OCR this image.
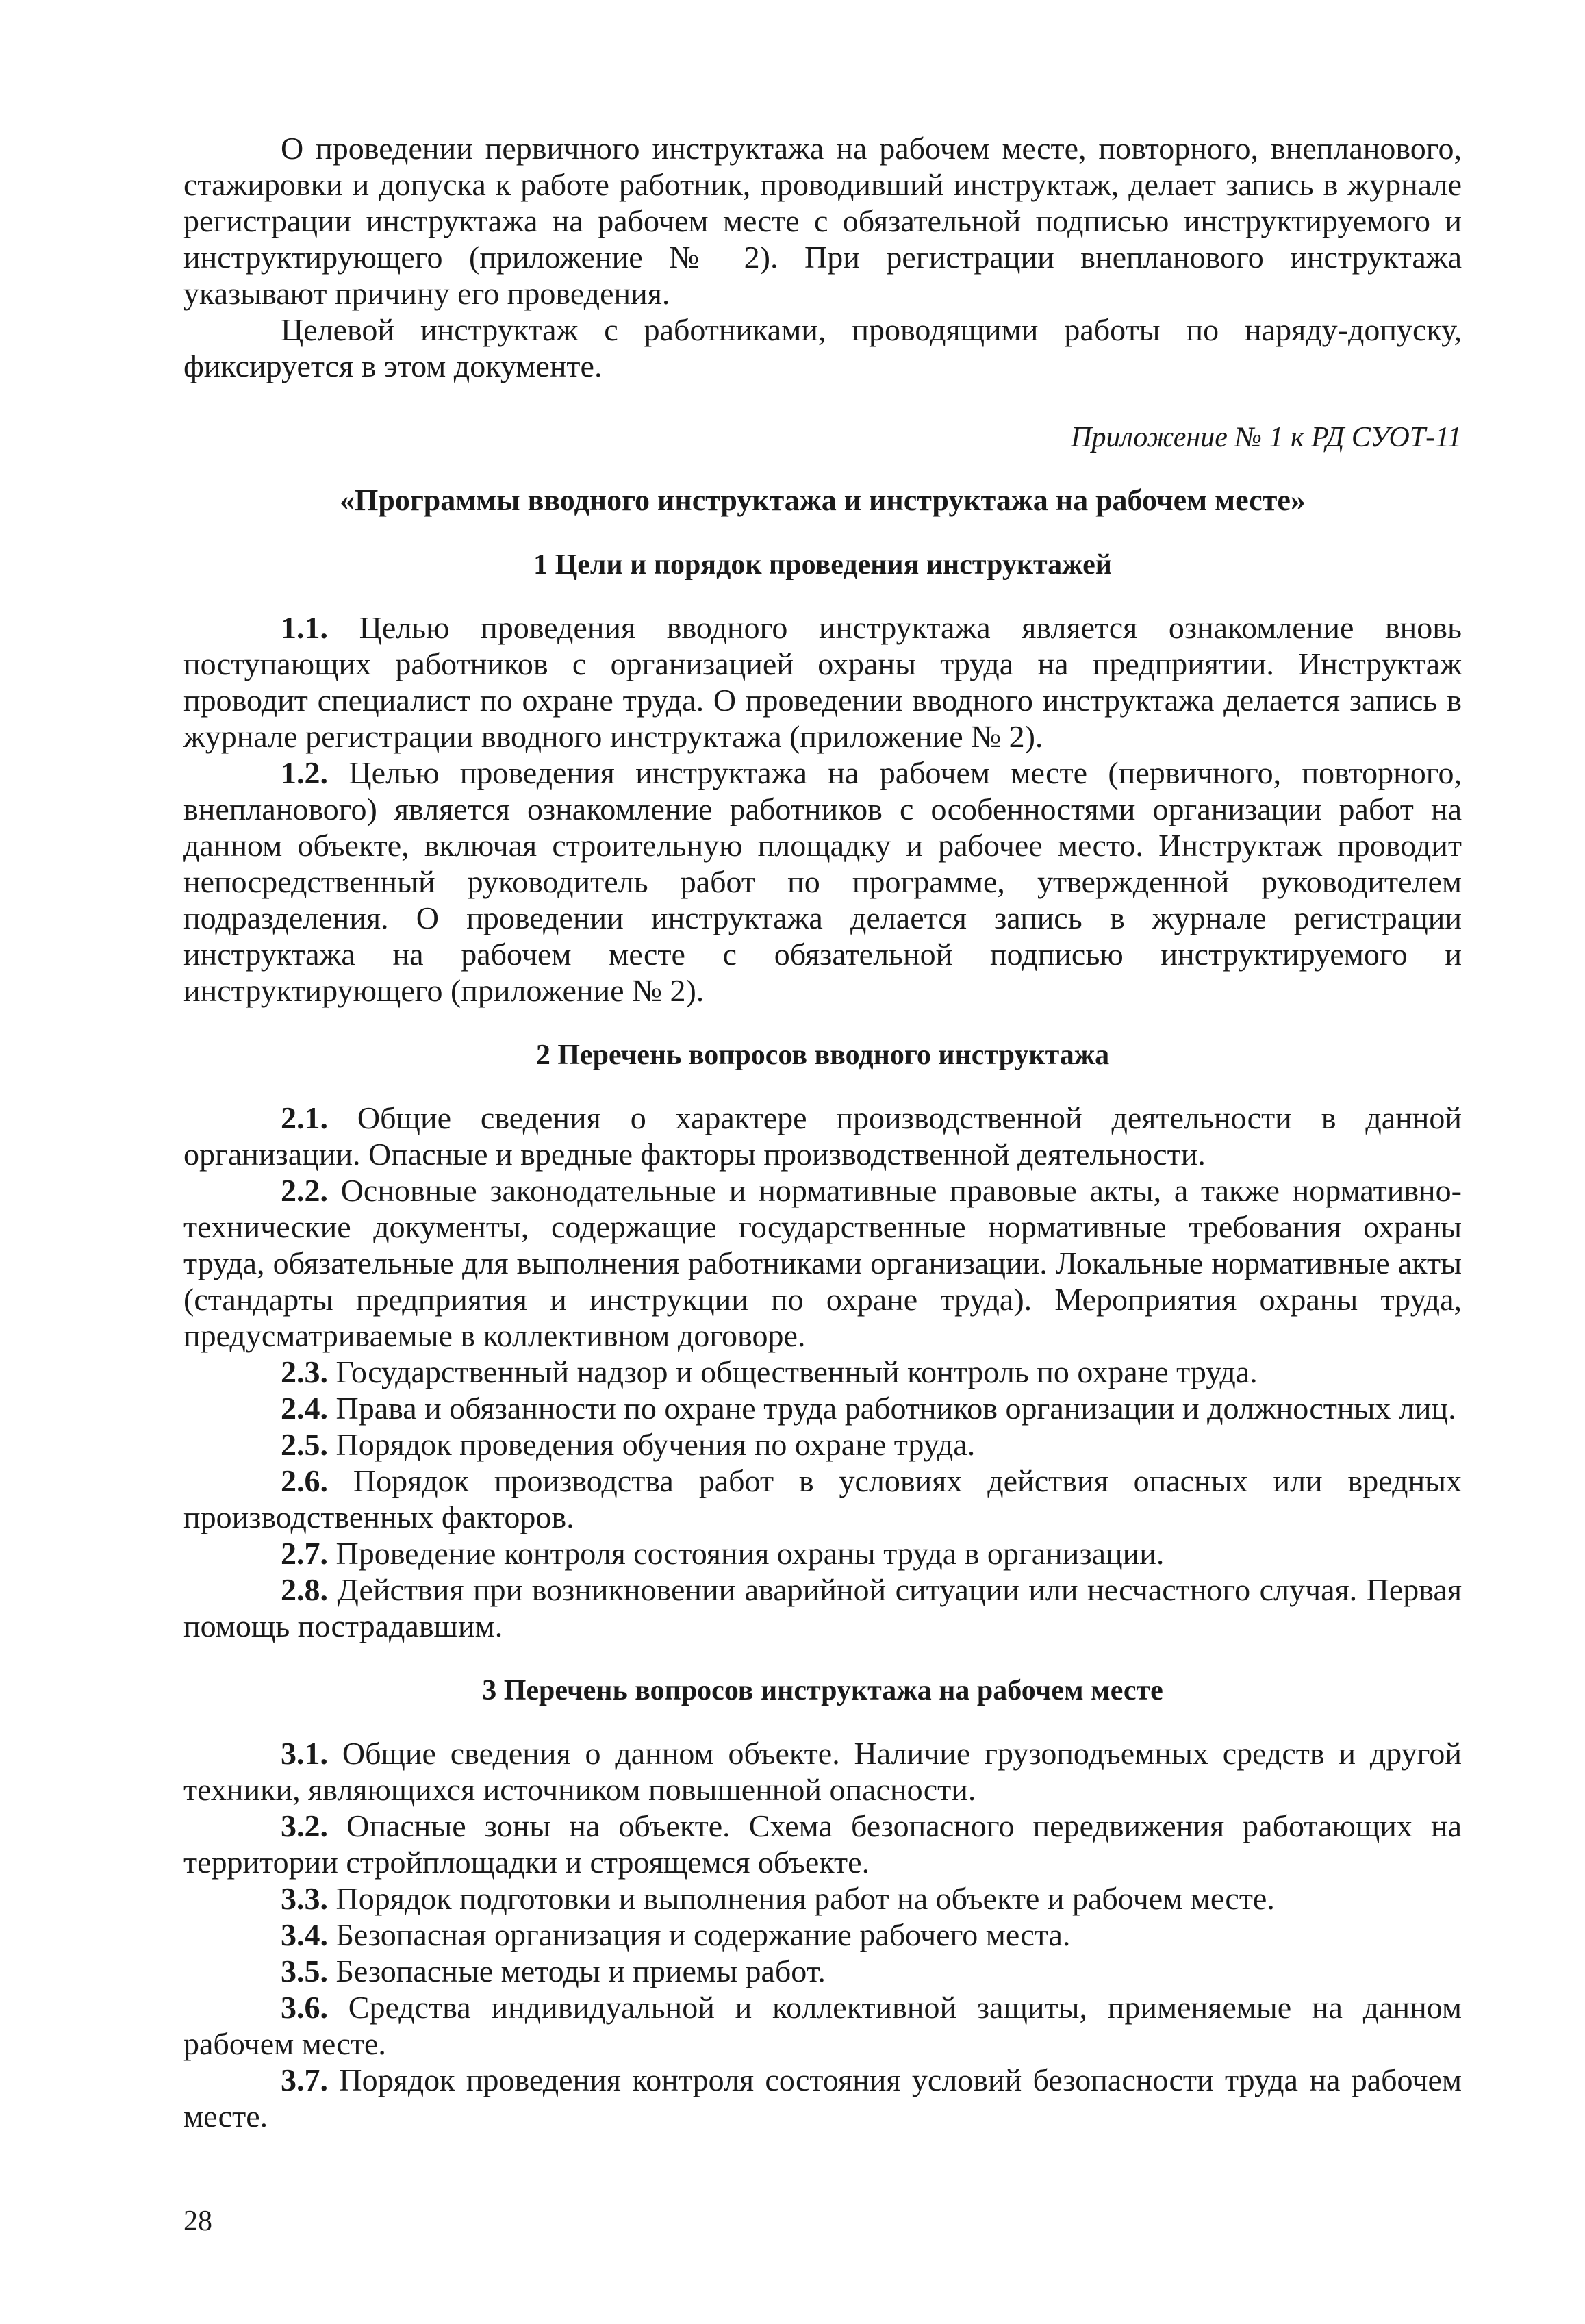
О проведении первичного инструктажа на рабочем месте, повторного, внепланового, стажировки и допуска к работе работник, проводивший инструктаж, делает запись в журнале регистрации инструктажа на рабочем месте с обязательной подписью инструктируемого и инструктирующего (приложение № 2). При регистрации внепланового инструктажа указывают причину его проведения.

Целевой инструктаж с работниками, проводящими работы по наряду-допуску, фиксируется в этом документе.

Приложение № 1 к РД СУОТ-11

«Программы вводного инструктажа и инструктажа на рабочем месте»
1 Цели и порядок проведения инструктажей

1.1. Целью проведения вводного инструктажа является ознакомление вновь поступающих работников с организацией охраны труда на предприятии. Инструктаж проводит специалист по охране труда. О проведении вводного инструктажа делается запись в журнале регистрации вводного инструктажа (приложение № 2).

1.2. Целью проведения инструктажа на рабочем месте (первичного, повторного, внепланового) является ознакомление работников с особенностями организации работ на данном объекте, включая строительную площадку и рабочее место. Инструктаж проводит непосредственный руководитель работ по программе, утвержденной руководителем подразделения. О проведении инструктажа делается запись в журнале регистрации инструктажа на рабочем месте с обязательной подписью инструктируемого и инструктирующего (приложение № 2).

2 Перечень вопросов вводного инструктажа

2.1. Общие сведения о характере производственной деятельности в данной организации. Опасные и вредные факторы производственной деятельности.

2.2. Основные законодательные и нормативные правовые акты, а также нормативно-технические документы, содержащие государственные нормативные требования охраны труда, обязательные для выполнения работниками организации. Локальные нормативные акты (стандарты предприятия и инструкции по охране труда). Мероприятия охраны труда, предусматриваемые в коллективном договоре.

2.3. Государственный надзор и общественный контроль по охране труда.

2.4. Права и обязанности по охране труда работников организации и должностных лиц.

2.5. Порядок проведения обучения по охране труда.

2.6. Порядок производства работ в условиях действия опасных или вредных производственных факторов.

2.7. Проведение контроля состояния охраны труда в организации.

2.8. Действия при возникновении аварийной ситуации или несчастного случая. Первая помощь пострадавшим.

3 Перечень вопросов инструктажа на рабочем месте

3.1. Общие сведения о данном объекте. Наличие грузоподъемных средств и другой техники, являющихся источником повышенной опасности.

3.2. Опасные зоны на объекте. Схема безопасного передвижения работающих на территории стройплощадки и строящемся объекте.

3.3. Порядок подготовки и выполнения работ на объекте и рабочем месте.

3.4. Безопасная организация и содержание рабочего места.

3.5. Безопасные методы и приемы работ.

3.6. Средства индивидуальной и коллективной защиты, применяемые на данном рабочем месте.

3.7. Порядок проведения контроля состояния условий безопасности труда на рабочем месте.

28
